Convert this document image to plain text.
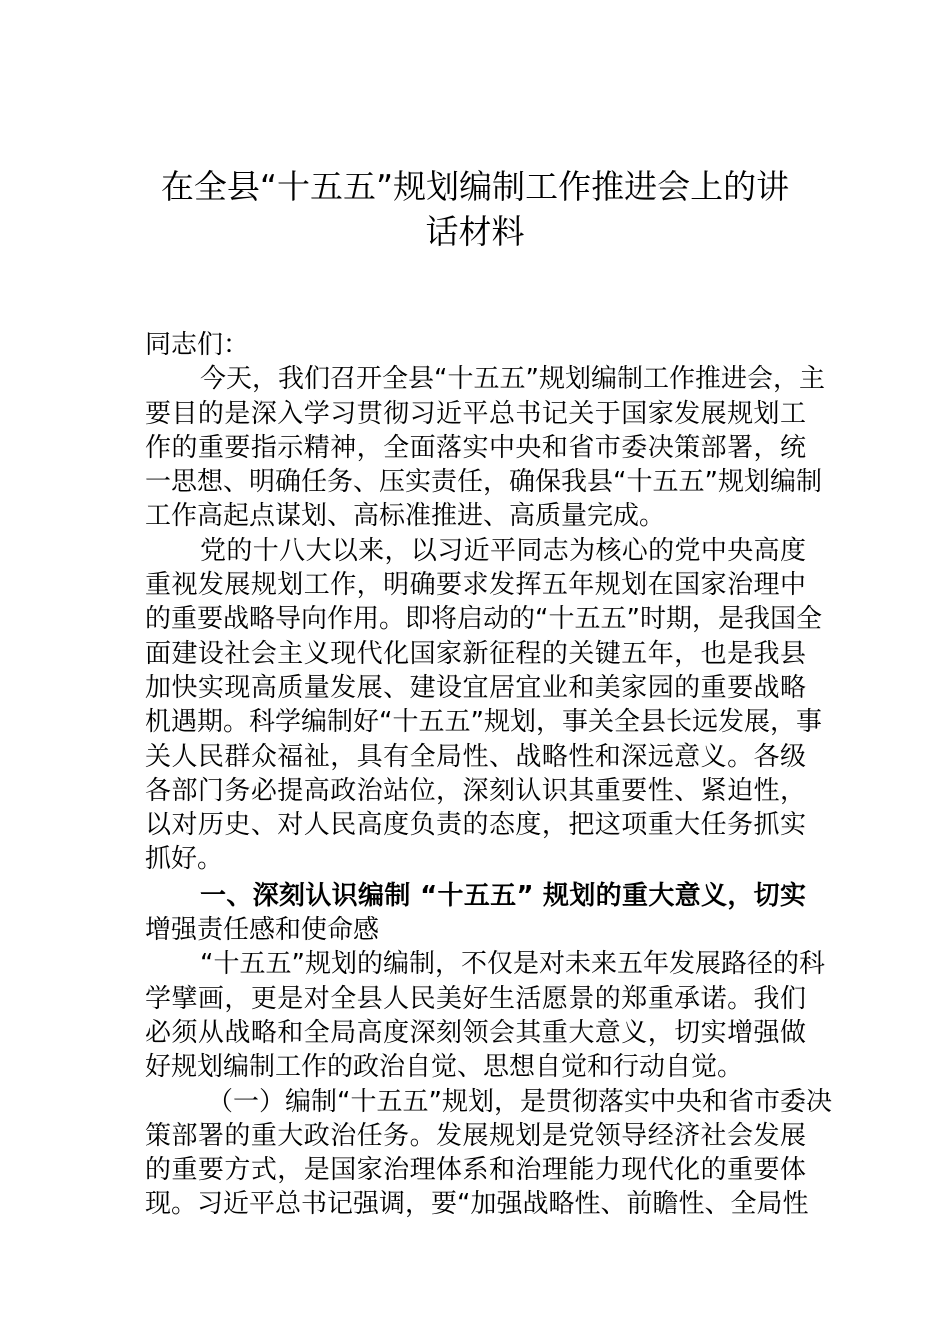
在全县“十五五”规划编制工作推进会上的讲
话材料
同志们：
今天，我们召开全县“十五五”规划编制工作推进会，主
要目的是深入学习贯彻习近平总书记关于国家发展规划工
作的重要指示精神，全面落实中央和省市委决策部署，统
一思想、明确任务、压实责任，确保我县“十五五”规划编制
工作高起点谋划、高标准推进、高质量完成。
党的十八大以来，以习近平同志为核心的党中央高度
重视发展规划工作，明确要求发挥五年规划在国家治理中
的重要战略导向作用。即将启动的“十五五”时期，是我国全
面建设社会主义现代化国家新征程的关键五年，也是我县
加快实现高质量发展、建设宜居宜业和美家园的重要战略
机遇期。科学编制好“十五五”规划，事关全县长远发展，事
关人民群众福祉，具有全局性、战略性和深远意义。各级
各部门务必提高政治站位，深刻认识其重要性、紧迫性，
以对历史、对人民高度负责的态度，把这项重大任务抓实
抓好。
一、深刻认识编制 “十五五” 规划的重大意义，切实
增强责任感和使命感
“十五五”规划的编制，不仅是对未来五年发展路径的科
学擘画，更是对全县人民美好生活愿景的郑重承诺。我们
必须从战略和全局高度深刻领会其重大意义，切实增强做
好规划编制工作的政治自觉、思想自觉和行动自觉。
（一）编制“十五五”规划，是贯彻落实中央和省市委决
策部署的重大政治任务。发展规划是党领导经济社会发展
的重要方式，是国家治理体系和治理能力现代化的重要体
现。习近平总书记强调，要“加强战略性、前瞻性、全局性
